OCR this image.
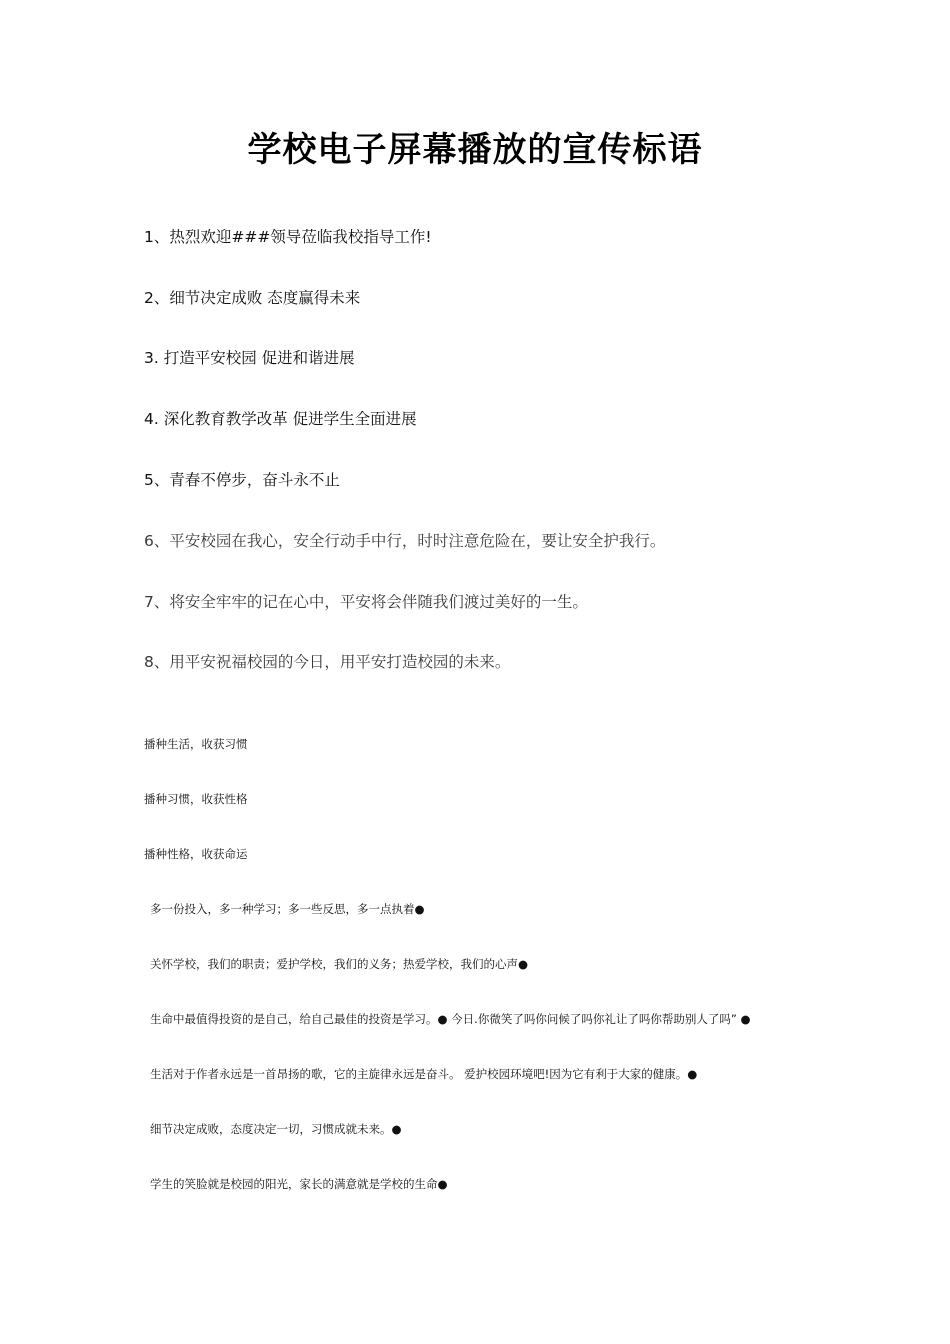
学校电子屏幕播放的宣传标语
1、热烈欢迎###领导莅临我校指导工作!
2、细节决定成败 态度赢得未来
3. 打造平安校园 促进和谐进展
4. 深化教育教学改革 促进学生全面进展
5、青春不停步，奋斗永不止
6、平安校园在我心，安全行动手中行，时时注意危险在，要让安全护我行。
7、将安全牢牢的记在心中，平安将会伴随我们渡过美好的一生。
8、用平安祝福校园的今日，用平安打造校园的未来。
播种生活，收获习惯
播种习惯，收获性格
播种性格，收获命运
多一份投入，多一种学习；多一些反思，多一点执着●
关怀学校，我们的职责；爱护学校，我们的义务；热爱学校，我们的心声●
生命中最值得投资的是自己，给自己最佳的投资是学习。● 今日.你微笑了吗你问候了吗你礼让了吗你帮助别人了吗” ●
生活对于作者永远是一首昂扬的歌，它的主旋律永远是奋斗。 爱护校园环境吧!因为它有利于大家的健康。●
细节决定成败，态度决定一切，习惯成就未来。●
学生的笑脸就是校园的阳光，家长的满意就是学校的生命●
